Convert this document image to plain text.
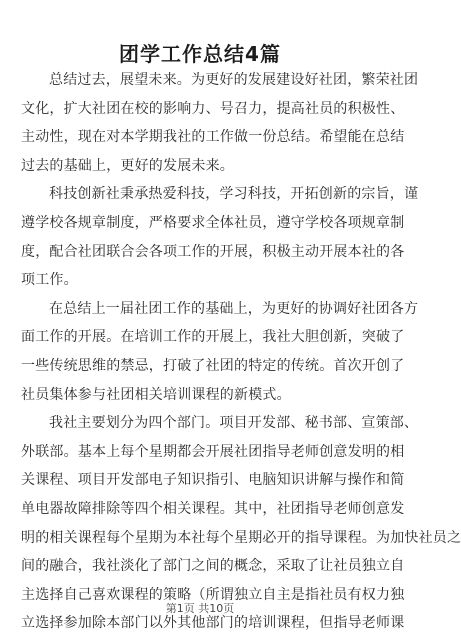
团学工作总结4篇
总结过去，展望未来。为更好的发展建设好社团，繁荣社团
文化，扩大社团在校的影响力、号召力，提高社员的积极性、
主动性，现在对本学期我社的工作做一份总结。希望能在总结
过去的基础上，更好的发展未来。
科技创新社秉承热爱科技，学习科技，开拓创新的宗旨，谨
遵学校各规章制度，严格要求全体社员，遵守学校各项规章制
度，配合社团联合会各项工作的开展，积极主动开展本社的各
项工作。
在总结上一届社团工作的基础上，为更好的协调好社团各方
面工作的开展。在培训工作的开展上，我社大胆创新，突破了
一些传统思维的禁忌，打破了社团的特定的传统。首次开创了
社员集体参与社团相关培训课程的新模式。
我社主要划分为四个部门。项目开发部、秘书部、宣策部、
外联部。基本上每个星期都会开展社团指导老师创意发明的相
关课程、项目开发部电子知识指引、电脑知识讲解与操作和简
单电器故障排除等四个相关课程。其中，社团指导老师创意发
明的相关课程每个星期为本社每个星期必开的指导课程。为加快社员之
间的融合，我社淡化了部门之间的概念，采取了让社员独立自
主选择自己喜欢课程的策略（所谓独立自主是指社员有权力独
立选择参加除本部门以外其他部门的培训课程，但指导老师课
第1页 共10页
